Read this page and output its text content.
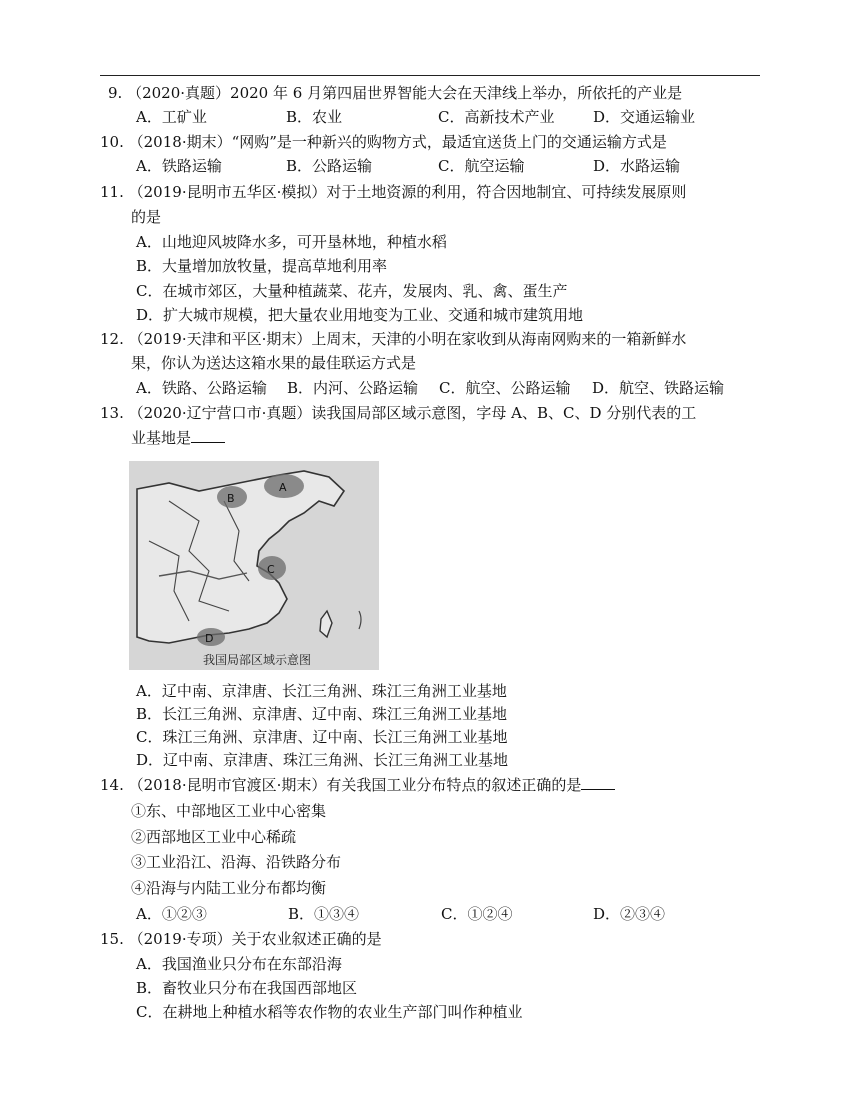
9. （2020·真题）2020 年 6 月第四届世界智能大会在天津线上举办，所依托的产业是
A．工矿业	B．农业	C．高新技术产业	D．交通运输业
10. （2018·期末）“网购”是一种新兴的购物方式，最适宜送货上门的交通运输方式是
A．铁路运输	B．公路运输	C．航空运输	D．水路运输
11. （2019·昆明市五华区·模拟）对于土地资源的利用，符合因地制宜、可持续发展原则
的是
A．山地迎风坡降水多，可开垦林地，种植水稻
B．大量增加放牧量，提高草地利用率
C．在城市郊区，大量种植蔬菜、花卉，发展肉、乳、禽、蛋生产
D．扩大城市规模，把大量农业用地变为工业、交通和城市建筑用地
12. （2019·天津和平区·期末）上周末，天津的小明在家收到从海南网购来的一箱新鲜水
果，你认为送达这箱水果的最佳联运方式是
A．铁路、公路运输 B．内河、公路运输 C．航空、公路运输 D．航空、铁路运输
13. （2020·辽宁营口市·真题）读我国局部区域示意图，字母 A、B、C、D 分别代表的工
业基地是
A
B
C
D
我国局部区域示意图
A．辽中南、京津唐、长江三角洲、珠江三角洲工业基地
B．长江三角洲、京津唐、辽中南、珠江三角洲工业基地
C．珠江三角洲、京津唐、辽中南、长江三角洲工业基地
D．辽中南、京津唐、珠江三角洲、长江三角洲工业基地
14. （2018·昆明市官渡区·期末）有关我国工业分布特点的叙述正确的是
①东、中部地区工业中心密集
②西部地区工业中心稀疏
③工业沿江、沿海、沿铁路分布
④沿海与内陆工业分布都均衡
A．①②③	B．①③④	C．①②④	D．②③④
15. （2019·专项）关于农业叙述正确的是
A．我国渔业只分布在东部沿海
B．畜牧业只分布在我国西部地区
C．在耕地上种植水稻等农作物的农业生产部门叫作种植业
